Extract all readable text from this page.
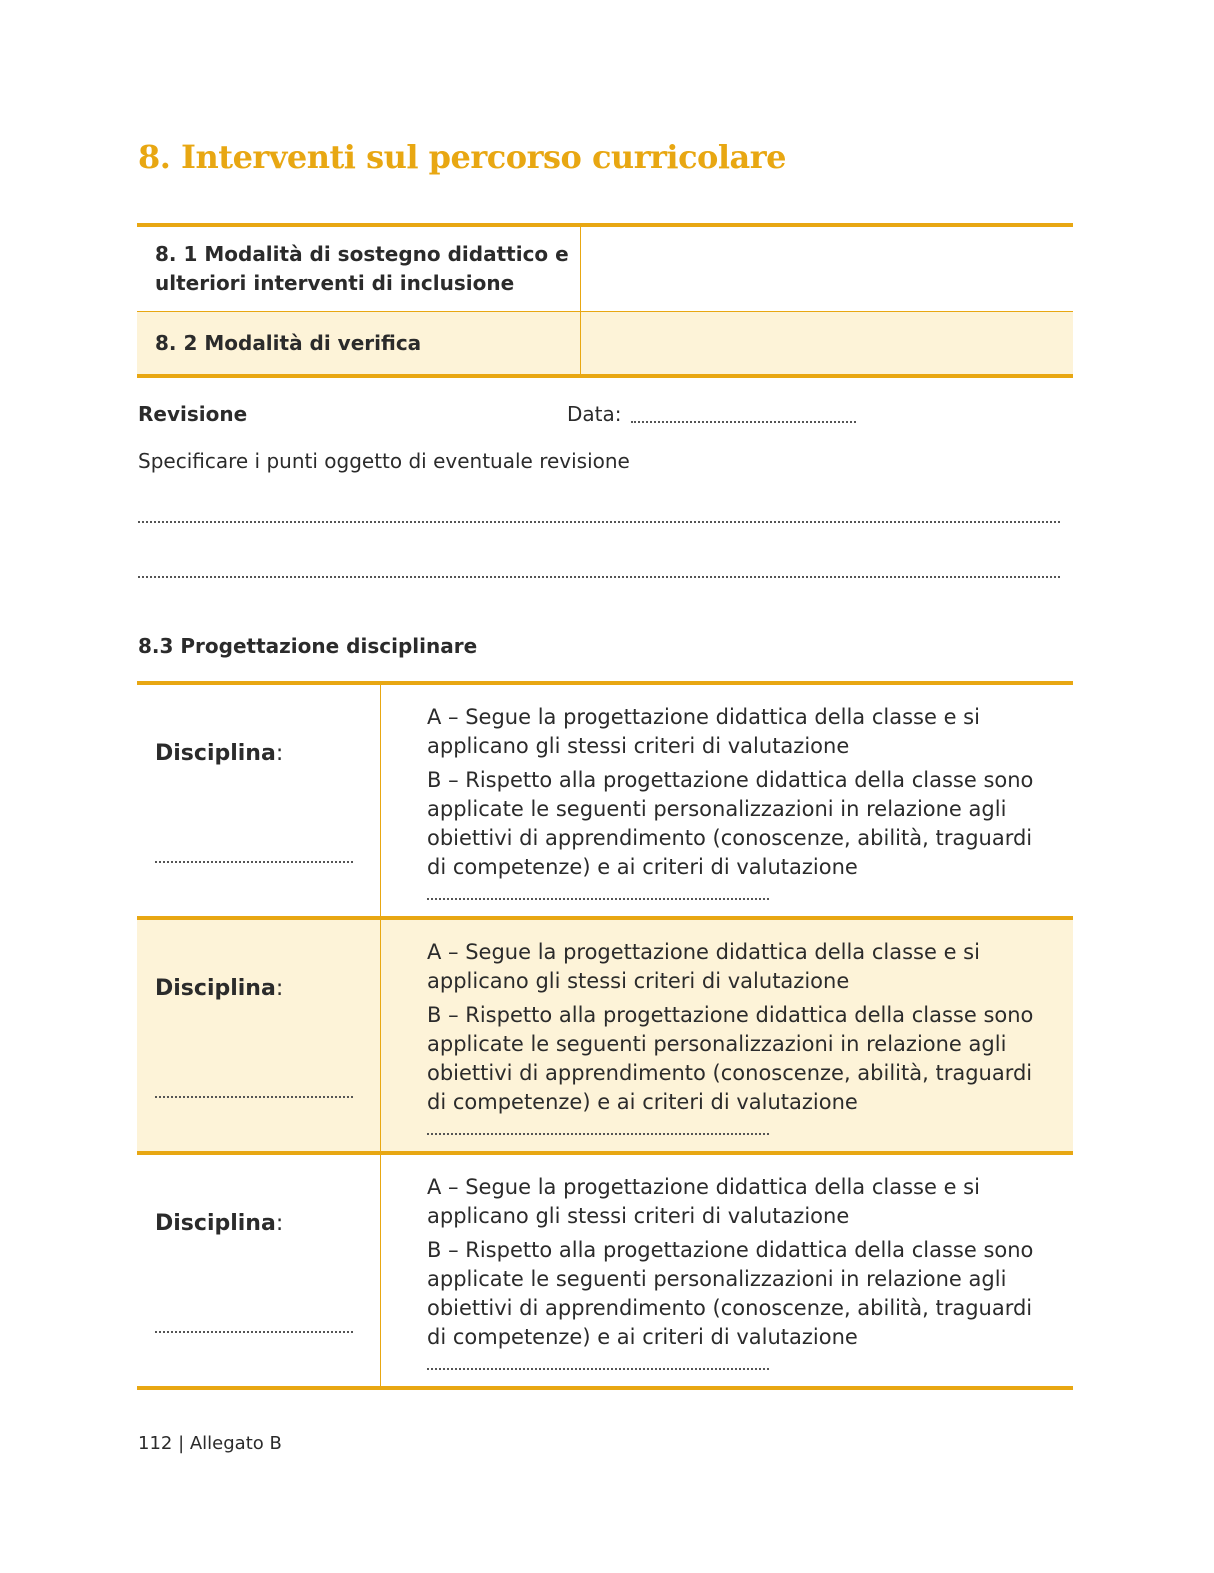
8. Interventi sul percorso curricolare
8. 1 Modalità di sostegno didattico e ulteriori interventi di inclusione
8. 2 Modalità di verifica
Revisione	Data:
Specificare i punti oggetto di eventuale revisione
8.3 Progettazione disciplinare
Disciplina:

A – Segue la progettazione didattica della classe e si applicano gli stessi criteri di valutazione

B – Rispetto alla progettazione didattica della classe sono applicate le seguenti personalizzazioni in relazione agli obiettivi di apprendimento (conoscenze, abilità, traguardi di competenze) e ai criteri di valutazione

Disciplina:

A – Segue la progettazione didattica della classe e si applicano gli stessi criteri di valutazione

B – Rispetto alla progettazione didattica della classe sono applicate le seguenti personalizzazioni in relazione agli obiettivi di apprendimento (conoscenze, abilità, traguardi di competenze) e ai criteri di valutazione

Disciplina:

A – Segue la progettazione didattica della classe e si applicano gli stessi criteri di valutazione

B – Rispetto alla progettazione didattica della classe sono applicate le seguenti personalizzazioni in relazione agli obiettivi di apprendimento (conoscenze, abilità, traguardi di competenze) e ai criteri di valutazione

112 | Allegato B
